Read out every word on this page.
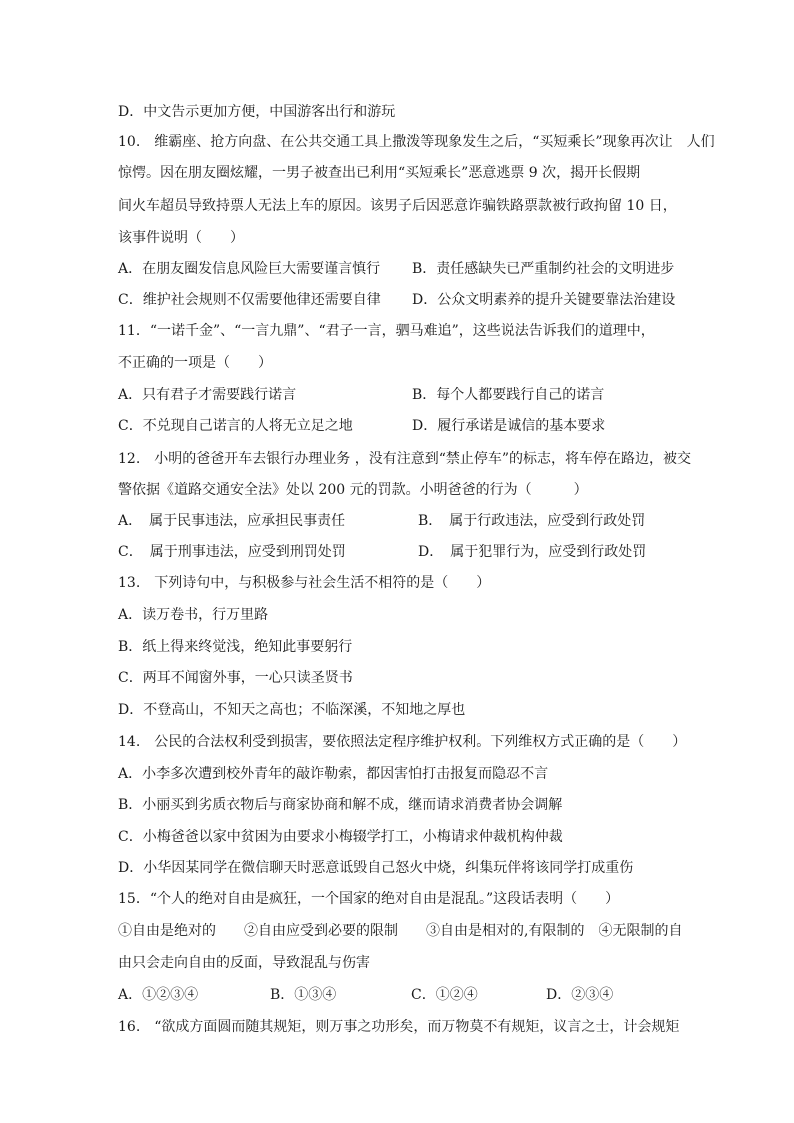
D．中文告示更加方便，中国游客出行和游玩
10.　维霸座、抢方向盘、在公共交通工具上撒泼等现象发生之后，“买短乘长”现象再次让　人们
惊愕。因在朋友圈炫耀，一男子被查出已利用“买短乘长”恶意逃票 9 次，揭开长假期
间火车超员导致持票人无法上车的原因。该男子后因恶意诈骗铁路票款被行政拘留 10 日，
该事件说明（　　）
A．在朋友圈发信息风险巨大需要谨言慎行 B．责任感缺失已严重制约社会的文明进步
C．维护社会规则不仅需要他律还需要自律 D．公众文明素养的提升关键要靠法治建设
11．“一诺千金”、“一言九鼎”、“君子一言，驷马难追”，这些说法告诉我们的道理中，
不正确的一项是（　　）
A．只有君子才需要践行诺言	B．每个人都要践行自己的诺言
C．不兑现自己诺言的人将无立足之地	D．履行承诺是诚信的基本要求
12.　小明的爸爸开车去银行办理业务 ，没有注意到“禁止停车”的标志，将车停在路边，被交
警依据《道路交通安全法》处以 200 元的罚款。小明爸爸的行为（　　　）
A．　属于民事违法，应承担民事责任	B．　属于行政违法，应受到行政处罚
C．　属于刑事违法，应受到刑罚处罚	D．　属于犯罪行为，应受到行政处罚
13.　下列诗句中，与积极参与社会生活不相符的是（　　）
A．读万卷书，行万里路
B．纸上得来终觉浅，绝知此事要躬行
C．两耳不闻窗外事，一心只读圣贤书
D．不登高山，不知天之高也；不临深溪，不知地之厚也
14.　公民的合法权利受到损害，要依照法定程序维护权利。下列维权方式正确的是（　　）
A．小李多次遭到校外青年的敲诈勒索，都因害怕打击报复而隐忍不言
B．小丽买到劣质衣物后与商家协商和解不成，继而请求消费者协会调解
C．小梅爸爸以家中贫困为由要求小梅辍学打工，小梅请求仲裁机构仲裁
D．小华因某同学在微信聊天时恶意诋毁自己怒火中烧，纠集玩伴将该同学打成重伤
15．“个人的绝对自由是疯狂，一个国家的绝对自由是混乱。”这段话表明（　　）
①自由是绝对的　　②自由应受到必要的限制　　③自由是相对的,有限制的　④无限制的自
由只会走向自由的反面，导致混乱与伤害
A．①②③④	B．①③④	C．①②④	D．②③④
16.　“欲成方面圆而随其规矩，则万事之功形矣，而万物莫不有规矩，议言之士，计会规矩
